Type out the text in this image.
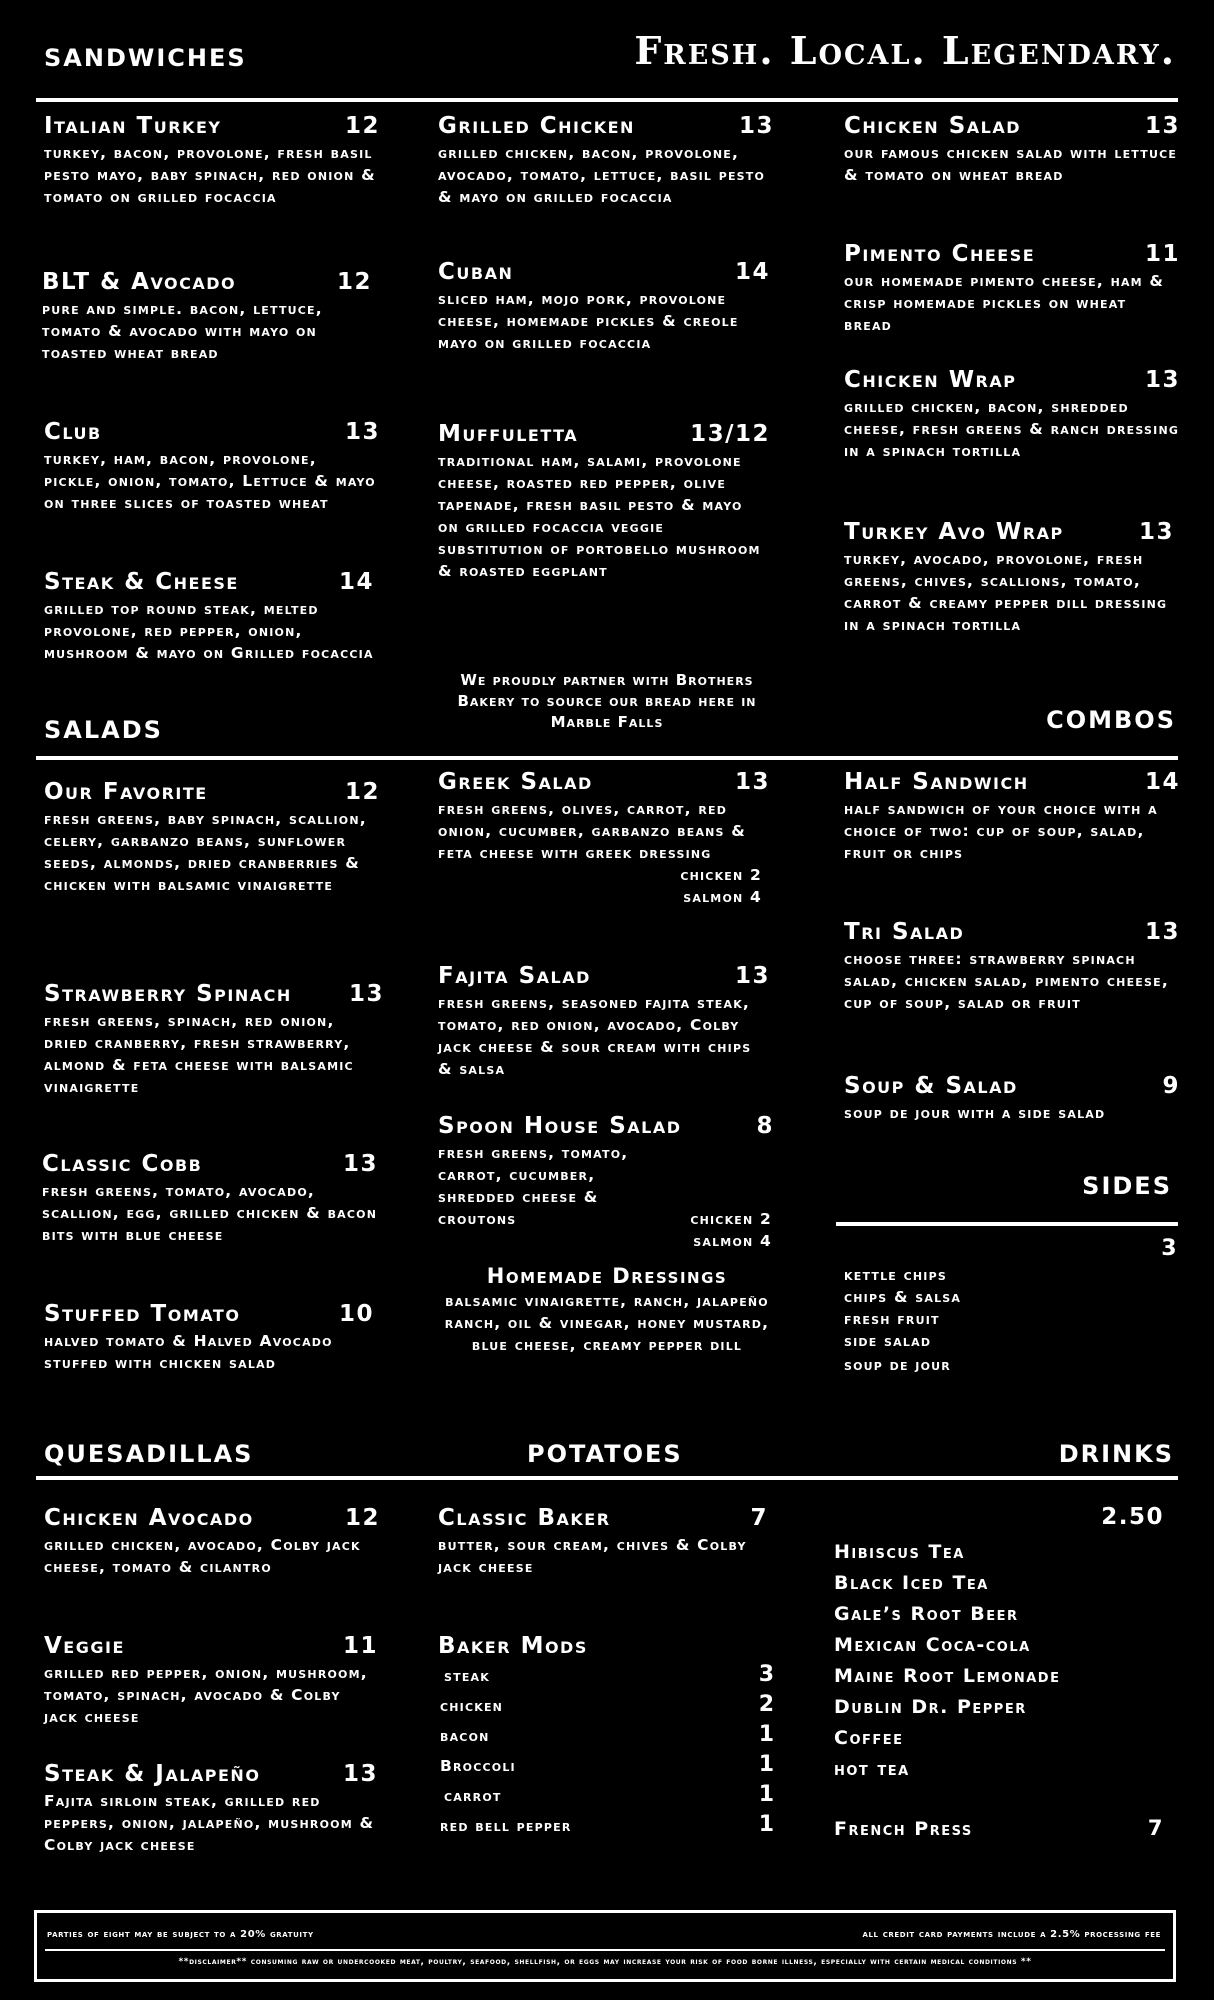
SANDWICHES	Fresh. Local. Legendary.
Italian Turkey	12
turkey, bacon, provolone, fresh basil pesto mayo, baby spinach, red onion & tomato on grilled focaccia
BLT & Avocado	12
pure and simple. bacon, lettuce, tomato & avocado with mayo on toasted wheat bread
Club	13
turkey, ham, bacon, provolone, pickle, onion, tomato, Lettuce & mayo on three slices of toasted wheat
Steak & Cheese	14
grilled top round steak, melted provolone, red pepper, onion, mushroom & mayo on Grilled focaccia
Grilled Chicken	13
grilled chicken, bacon, provolone, avocado, tomato, lettuce, basil pesto & mayo on grilled focaccia
Cuban	14
sliced ham, mojo pork, provolone cheese, homemade pickles & creole mayo on grilled focaccia
Muffuletta	13/12
traditional ham, salami, provolone cheese, roasted red pepper, olive tapenade, fresh basil pesto & mayo on grilled focaccia veggie substitution of portobello mushroom & roasted eggplant
We proudly partner with Brothers Bakery to source our bread here in Marble Falls
Chicken Salad	13
our famous chicken salad with lettuce & tomato on wheat bread
Pimento Cheese	11
our homemade pimento cheese, ham & crisp homemade pickles on wheat bread
Chicken Wrap	13
grilled chicken, bacon, shredded cheese, fresh greens & ranch dressing in a spinach tortilla
Turkey Avo Wrap	13
turkey, avocado, provolone, fresh greens, chives, scallions, tomato, carrot & creamy pepper dill dressing in a spinach tortilla
SALADS	COMBOS
Our Favorite	12
fresh greens, baby spinach, scallion, celery, garbanzo beans, sunflower seeds, almonds, dried cranberries & chicken with balsamic vinaigrette
Strawberry Spinach 13
fresh greens, spinach, red onion, dried cranberry, fresh strawberry, almond & feta cheese with balsamic vinaigrette
Classic Cobb	13
fresh greens, tomato, avocado, scallion, egg, grilled chicken & bacon bits with blue cheese
Stuffed Tomato	10
halved tomato & Halved Avocado stuffed with chicken salad
Greek Salad	13
fresh greens, olives, carrot, red onion, cucumber, garbanzo beans & feta cheese with greek dressing
chicken 2
salmon 4
Fajita Salad	13
fresh greens, seasoned fajita steak, tomato, red onion, avocado, Colby jack cheese & sour cream with chips & salsa
Spoon House Salad	8
fresh greens, tomato, carrot, cucumber, shredded cheese & croutons	chicken 2
salmon 4
Homemade Dressings
balsamic vinaigrette, ranch, jalapeño ranch, oil & vinegar, honey mustard, blue cheese, creamy pepper dill
Half Sandwich	14
half sandwich of your choice with a choice of two: cup of soup, salad, fruit or chips
Tri Salad	13
choose three: strawberry spinach salad, chicken salad, pimento cheese, cup of soup, salad or fruit
Soup & Salad	9
soup de jour with a side salad
SIDES
3
kettle chips
chips & salsa
fresh fruit
side salad
soup de jour
QUESADILLAS	POTATOES	DRINKS
Chicken Avocado	12
grilled chicken, avocado, Colby jack cheese, tomato & cilantro
Veggie	11
grilled red pepper, onion, mushroom, tomato, spinach, avocado & Colby jack cheese
Steak & Jalapeño	13
Fajita sirloin steak, grilled red peppers, onion, jalapeño, mushroom & Colby jack cheese
Classic Baker	7
butter, sour cream, chives & Colby jack cheese
Baker Mods
steak	3
chicken	2
bacon	1
Broccoli	1
carrot	1
red bell pepper	1
2.50
Hibiscus Tea
Black Iced Tea
Gale’s Root Beer
Mexican Coca-cola
Maine Root Lemonade
Dublin Dr. Pepper
Coffee
hot tea
French Press	7
parties of eight may be subject to a 20% gratuity	all credit card payments include a 2.5% processing fee
**disclaimer** consuming raw or undercooked meat, poultry, seafood, shellfish, or eggs may increase your risk of food borne illness, especially with certain medical conditions **
